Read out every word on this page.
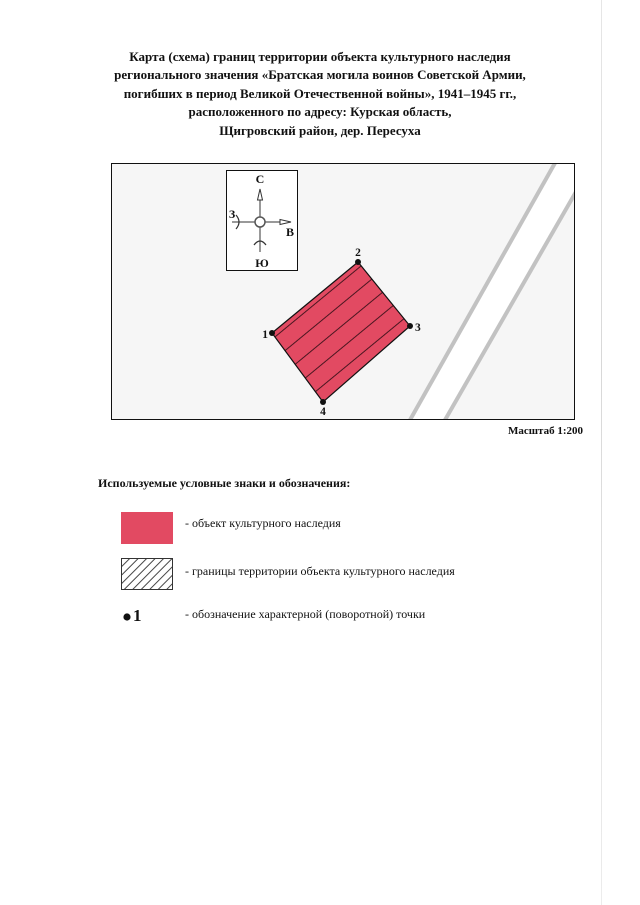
Карта (схема) границ территории объекта культурного наследия
регионального значения «Братская могила воинов Советской Армии,
погибших в период Великой Отечественной войны», 1941–1945 гг.,
расположенного по адресу: Курская область,
Щигровский район, дер. Пересуха
С
З
В
Ю
1
2
3
4
Масштаб 1:200
Используемые условные знаки и обозначения:
- объект культурного наследия
- границы территории объекта культурного наследия
1	- обозначение характерной (поворотной) точки
